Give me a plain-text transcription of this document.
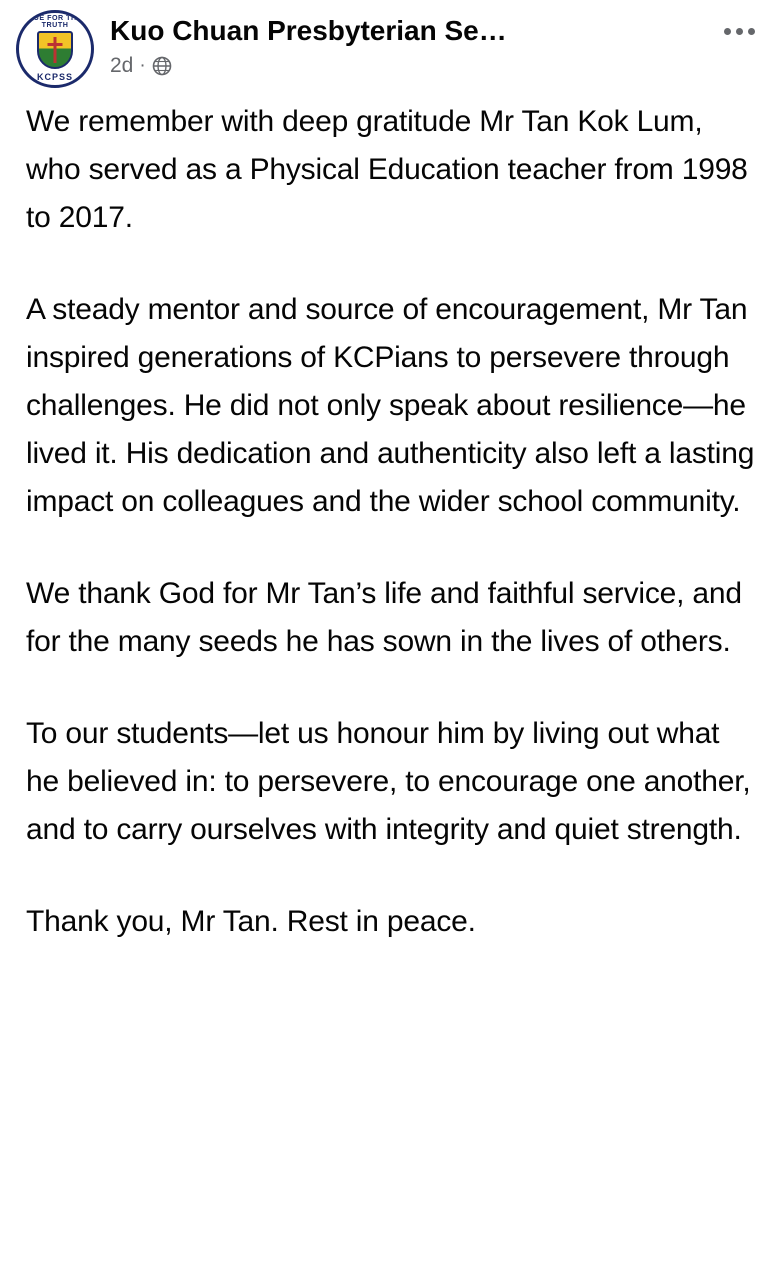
RUE FOR THE TRUTH
KCPSS
Kuo Chuan Presbyterian Se…
2d ·

We remember with deep gratitude Mr Tan Kok Lum, who served as a Physical Education teacher from 1998 to 2017.

A steady mentor and source of encouragement, Mr Tan inspired generations of KCPians to persevere through challenges. He did not only speak about resilience—he lived it. His dedication and authenticity also left a lasting impact on colleagues and the wider school community.

We thank God for Mr Tan’s life and faithful service, and for the many seeds he has sown in the lives of others.

To our students—let us honour him by living out what he believed in: to persevere, to encourage one another, and to carry ourselves with integrity and quiet strength.

Thank you, Mr Tan. Rest in peace.
